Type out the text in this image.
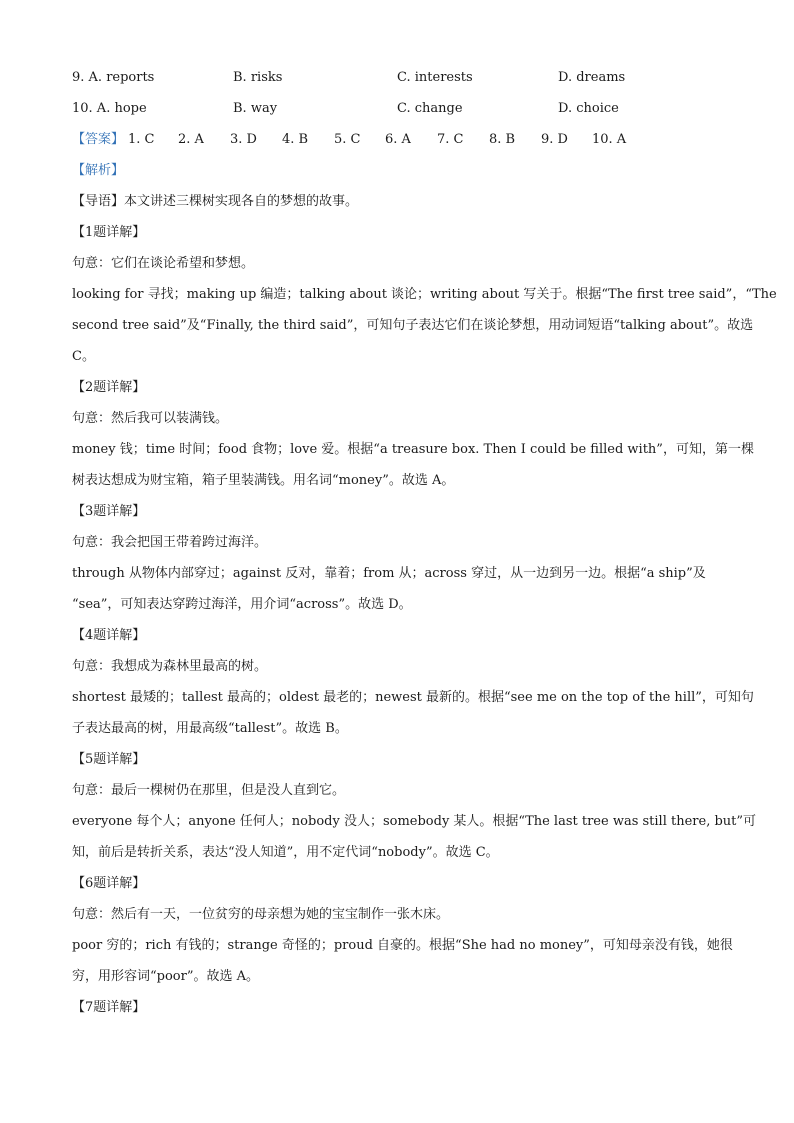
9. A. reports	B. risks	C. interests	D. dreams
10. A. hope	B. way	C. change	D. choice
【答案】 1. C 2. A 3. D 4. B 5. C 6. A 7. C 8. B 9. D 10. A
【解析】
【导语】本文讲述三棵树实现各自的梦想的故事。
【1题详解】
句意：它们在谈论希望和梦想。
looking for 寻找；making up 编造；talking about 谈论；writing about 写关于。根据“The first tree said”，“The
second tree said”及“Finally, the third said”，可知句子表达它们在谈论梦想，用动词短语“talking about”。故选
C。
【2题详解】
句意：然后我可以装满钱。
money 钱；time 时间；food 食物；love 爱。根据“a treasure box. Then I could be filled with”，可知，第一棵
树表达想成为财宝箱，箱子里装满钱。用名词“money”。故选 A。
【3题详解】
句意：我会把国王带着跨过海洋。
through 从物体内部穿过；against 反对，靠着；from 从；across 穿过，从一边到另一边。根据“a ship”及
“sea”，可知表达穿跨过海洋，用介词“across”。故选 D。
【4题详解】
句意：我想成为森林里最高的树。
shortest 最矮的；tallest 最高的；oldest 最老的；newest 最新的。根据“see me on the top of the hill”，可知句
子表达最高的树，用最高级“tallest”。故选 B。
【5题详解】
句意：最后一棵树仍在那里，但是没人直到它。
everyone 每个人；anyone 任何人；nobody 没人；somebody 某人。根据“The last tree was still there, but”可
知，前后是转折关系，表达“没人知道”，用不定代词“nobody”。故选 C。
【6题详解】
句意：然后有一天，一位贫穷的母亲想为她的宝宝制作一张木床。
poor 穷的；rich 有钱的；strange 奇怪的；proud 自豪的。根据“She had no money”，可知母亲没有钱，她很
穷，用形容词“poor”。故选 A。
【7题详解】
